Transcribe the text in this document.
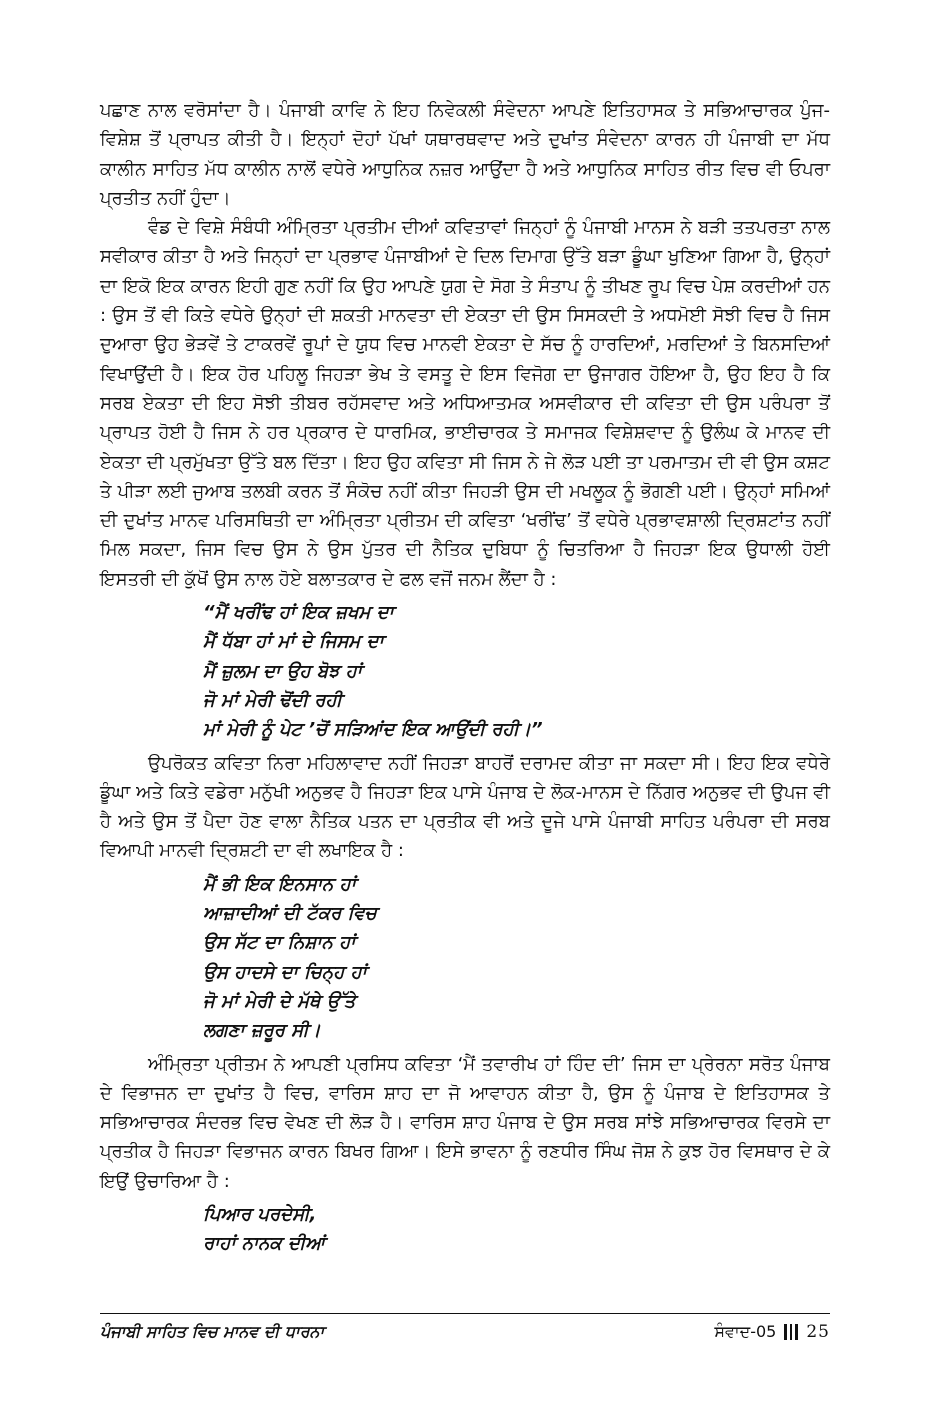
ਪਛਾਣ ਨਾਲ ਵਰੋਸਾਂਦਾ ਹੈ। ਪੰਜਾਬੀ ਕਾਵਿ ਨੇ ਇਹ ਨਿਵੇਕਲੀ ਸੰਵੇਦਨਾ ਆਪਣੇ ਇਤਿਹਾਸਕ ਤੇ ਸਭਿਆਚਾਰਕ ਪੁੰਜ-ਵਿਸ਼ੇਸ਼ ਤੋਂ ਪ੍ਰਾਪਤ ਕੀਤੀ ਹੈ। ਇਨ੍ਹਾਂ ਦੋਹਾਂ ਪੱਖਾਂ ਯਥਾਰਥਵਾਦ ਅਤੇ ਦੁਖਾਂਤ ਸੰਵੇਦਨਾ ਕਾਰਨ ਹੀ ਪੰਜਾਬੀ ਦਾ ਮੱਧ ਕਾਲੀਨ ਸਾਹਿਤ ਮੱਧ ਕਾਲੀਨ ਨਾਲੋਂ ਵਧੇਰੇ ਆਧੁਨਿਕ ਨਜ਼ਰ ਆਉਂਦਾ ਹੈ ਅਤੇ ਆਧੁਨਿਕ ਸਾਹਿਤ ਰੀਤ ਵਿਚ ਵੀ ਓਪਰਾ ਪ੍ਰਤੀਤ ਨਹੀਂ ਹੁੰਦਾ।

ਵੰਡ ਦੇ ਵਿਸ਼ੇ ਸੰਬੰਧੀ ਅੰਮ੍ਰਿਤਾ ਪ੍ਰਤੀਮ ਦੀਆਂ ਕਵਿਤਾਵਾਂ ਜਿਨ੍ਹਾਂ ਨੂੰ ਪੰਜਾਬੀ ਮਾਨਸ ਨੇ ਬੜੀ ਤਤਪਰਤਾ ਨਾਲ ਸਵੀਕਾਰ ਕੀਤਾ ਹੈ ਅਤੇ ਜਿਨ੍ਹਾਂ ਦਾ ਪ੍ਰਭਾਵ ਪੰਜਾਬੀਆਂ ਦੇ ਦਿਲ ਦਿਮਾਗ ਉੱਤੇ ਬੜਾ ਡੂੰਘਾ ਖੁਣਿਆ ਗਿਆ ਹੈ, ਉਨ੍ਹਾਂ ਦਾ ਇਕੋ ਇਕ ਕਾਰਨ ਇਹੀ ਗੁਣ ਨਹੀਂ ਕਿ ਉਹ ਆਪਣੇ ਯੁਗ ਦੇ ਸੋਗ ਤੇ ਸੰਤਾਪ ਨੂੰ ਤੀਖਣ ਰੂਪ ਵਿਚ ਪੇਸ਼ ਕਰਦੀਆਂ ਹਨ : ਉਸ ਤੋਂ ਵੀ ਕਿਤੇ ਵਧੇਰੇ ਉਨ੍ਹਾਂ ਦੀ ਸ਼ਕਤੀ ਮਾਨਵਤਾ ਦੀ ਏਕਤਾ ਦੀ ਉਸ ਸਿਸਕਦੀ ਤੇ ਅਧਮੋਈ ਸੋਝੀ ਵਿਚ ਹੈ ਜਿਸ ਦੁਆਰਾ ਉਹ ਭੇੜਵੇਂ ਤੇ ਟਾਕਰਵੇਂ ਰੂਪਾਂ ਦੇ ਯੁਧ ਵਿਚ ਮਾਨਵੀ ਏਕਤਾ ਦੇ ਸੱਚ ਨੂੰ ਹਾਰਦਿਆਂ, ਮਰਦਿਆਂ ਤੇ ਬਿਨਸਦਿਆਂ ਵਿਖਾਉਂਦੀ ਹੈ। ਇਕ ਹੋਰ ਪਹਿਲੂ ਜਿਹੜਾ ਭੇਖ ਤੇ ਵਸਤੂ ਦੇ ਇਸ ਵਿਜੋਗ ਦਾ ਉਜਾਗਰ ਹੋਇਆ ਹੈ, ਉਹ ਇਹ ਹੈ ਕਿ ਸਰਬ ਏਕਤਾ ਦੀ ਇਹ ਸੋਝੀ ਤੀਬਰ ਰਹੱਸਵਾਦ ਅਤੇ ਅਧਿਆਤਮਕ ਅਸਵੀਕਾਰ ਦੀ ਕਵਿਤਾ ਦੀ ਉਸ ਪਰੰਪਰਾ ਤੋਂ ਪ੍ਰਾਪਤ ਹੋਈ ਹੈ ਜਿਸ ਨੇ ਹਰ ਪ੍ਰਕਾਰ ਦੇ ਧਾਰਮਿਕ, ਭਾਈਚਾਰਕ ਤੇ ਸਮਾਜਕ ਵਿਸ਼ੇਸ਼ਵਾਦ ਨੂੰ ਉਲੰਘ ਕੇ ਮਾਨਵ ਦੀ ਏਕਤਾ ਦੀ ਪ੍ਰਮੁੱਖਤਾ ਉੱਤੇ ਬਲ ਦਿੱਤਾ। ਇਹ ਉਹ ਕਵਿਤਾ ਸੀ ਜਿਸ ਨੇ ਜੇ ਲੋੜ ਪਈ ਤਾ ਪਰਮਾਤਮ ਦੀ ਵੀ ਉਸ ਕਸ਼ਟ ਤੇ ਪੀੜਾ ਲਈ ਜੁਆਬ ਤਲਬੀ ਕਰਨ ਤੋਂ ਸੰਕੋਚ ਨਹੀਂ ਕੀਤਾ ਜਿਹੜੀ ਉਸ ਦੀ ਮਖਲੂਕ ਨੂੰ ਭੋਗਣੀ ਪਈ। ਉਨ੍ਹਾਂ ਸਮਿਆਂ ਦੀ ਦੁਖਾਂਤ ਮਾਨਵ ਪਰਿਸਥਿਤੀ ਦਾ ਅੰਮ੍ਰਿਤਾ ਪ੍ਰੀਤਮ ਦੀ ਕਵਿਤਾ ‘ਖਰੀਂਢ’ ਤੋਂ ਵਧੇਰੇ ਪ੍ਰਭਾਵਸ਼ਾਲੀ ਦ੍ਰਿਸ਼ਟਾਂਤ ਨਹੀਂ ਮਿਲ ਸਕਦਾ, ਜਿਸ ਵਿਚ ਉਸ ਨੇ ਉਸ ਪੁੱਤਰ ਦੀ ਨੈਤਿਕ ਦੁਬਿਧਾ ਨੂੰ ਚਿਤਰਿਆ ਹੈ ਜਿਹੜਾ ਇਕ ਉਧਾਲੀ ਹੋਈ ਇਸਤਰੀ ਦੀ ਕੁੱਖੋਂ ਉਸ ਨਾਲ ਹੋਏ ਬਲਾਤਕਾਰ ਦੇ ਫਲ ਵਜੋਂ ਜਨਮ ਲੈਂਦਾ ਹੈ :

“ਮੈਂ ਖਰੀਂਢ ਹਾਂ ਇਕ ਜ਼ਖਮ ਦਾ
ਮੈਂ ਧੱਬਾ ਹਾਂ ਮਾਂ ਦੇ ਜਿਸਮ ਦਾ
ਮੈਂ ਜ਼ੁਲਮ ਦਾ ਉਹ ਬੋਝ ਹਾਂ
ਜੋ ਮਾਂ ਮੇਰੀ ਢੋਂਦੀ ਰਹੀ
ਮਾਂ ਮੇਰੀ ਨੂੰ ਪੇਟ ’ਚੋਂ ਸੜਿਆਂਦ ਇਕ ਆਉਂਦੀ ਰਹੀ।”

ਉਪਰੋਕਤ ਕਵਿਤਾ ਨਿਰਾ ਮਹਿਲਾਵਾਦ ਨਹੀਂ ਜਿਹੜਾ ਬਾਹਰੋਂ ਦਰਾਮਦ ਕੀਤਾ ਜਾ ਸਕਦਾ ਸੀ। ਇਹ ਇਕ ਵਧੇਰੇ ਡੂੰਘਾ ਅਤੇ ਕਿਤੇ ਵਡੇਰਾ ਮਨੁੱਖੀ ਅਨੁਭਵ ਹੈ ਜਿਹੜਾ ਇਕ ਪਾਸੇ ਪੰਜਾਬ ਦੇ ਲੋਕ-ਮਾਨਸ ਦੇ ਨਿੱਗਰ ਅਨੁਭਵ ਦੀ ਉਪਜ ਵੀ ਹੈ ਅਤੇ ਉਸ ਤੋਂ ਪੈਦਾ ਹੋਣ ਵਾਲਾ ਨੈਤਿਕ ਪਤਨ ਦਾ ਪ੍ਰਤੀਕ ਵੀ ਅਤੇ ਦੂਜੇ ਪਾਸੇ ਪੰਜਾਬੀ ਸਾਹਿਤ ਪਰੰਪਰਾ ਦੀ ਸਰਬ ਵਿਆਪੀ ਮਾਨਵੀ ਦ੍ਰਿਸ਼ਟੀ ਦਾ ਵੀ ਲਖਾਇਕ ਹੈ :

ਮੈਂ ਭੀ ਇਕ ਇਨਸਾਨ ਹਾਂ
ਆਜ਼ਾਦੀਆਂ ਦੀ ਟੱਕਰ ਵਿਚ
ਉਸ ਸੱਟ ਦਾ ਨਿਸ਼ਾਨ ਹਾਂ
ਉਸ ਹਾਦਸੇ ਦਾ ਚਿਨ੍ਹ ਹਾਂ
ਜੋ ਮਾਂ ਮੇਰੀ ਦੇ ਮੱਥੇ ਉੱਤੇ
ਲਗਣਾ ਜ਼ਰੂਰ ਸੀ।

ਅੰਮ੍ਰਿਤਾ ਪ੍ਰੀਤਮ ਨੇ ਆਪਣੀ ਪ੍ਰਸਿਧ ਕਵਿਤਾ ‘ਮੈਂ ਤਵਾਰੀਖ ਹਾਂ ਹਿੰਦ ਦੀ’ ਜਿਸ ਦਾ ਪ੍ਰੇਰਨਾ ਸਰੋਤ ਪੰਜਾਬ ਦੇ ਵਿਭਾਜਨ ਦਾ ਦੁਖਾਂਤ ਹੈ ਵਿਚ, ਵਾਰਿਸ ਸ਼ਾਹ ਦਾ ਜੋ ਆਵਾਹਨ ਕੀਤਾ ਹੈ, ਉਸ ਨੂੰ ਪੰਜਾਬ ਦੇ ਇਤਿਹਾਸਕ ਤੇ ਸਭਿਆਚਾਰਕ ਸੰਦਰਭ ਵਿਚ ਵੇਖਣ ਦੀ ਲੋੜ ਹੈ। ਵਾਰਿਸ ਸ਼ਾਹ ਪੰਜਾਬ ਦੇ ਉਸ ਸਰਬ ਸਾਂਝੇ ਸਭਿਆਚਾਰਕ ਵਿਰਸੇ ਦਾ ਪ੍ਰਤੀਕ ਹੈ ਜਿਹੜਾ ਵਿਭਾਜਨ ਕਾਰਨ ਬਿਖਰ ਗਿਆ। ਇਸੇ ਭਾਵਨਾ ਨੂੰ ਰਣਧੀਰ ਸਿੰਘ ਜੋਸ਼ ਨੇ ਕੁਝ ਹੋਰ ਵਿਸਥਾਰ ਦੇ ਕੇ ਇਉਂ ਉਚਾਰਿਆ ਹੈ :

ਪਿਆਰ ਪਰਦੇਸੀ,
ਰਾਹਾਂ ਨਾਨਕ ਦੀਆਂ
ਪੰਜਾਬੀ ਸਾਹਿਤ ਵਿਚ ਮਾਨਵ ਦੀ ਧਾਰਨਾ	ਸੰਵਾਦ-05 25
